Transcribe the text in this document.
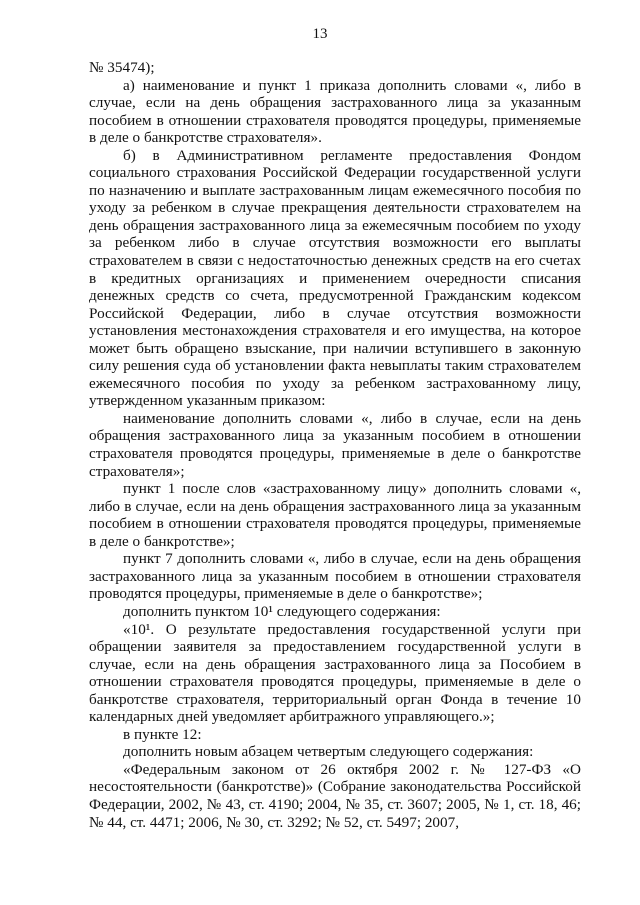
13

№ 35474);

а) наименование и пункт 1 приказа дополнить словами «, либо в случае, если на день обращения застрахованного лица за указанным пособием в отношении страхователя проводятся процедуры, применяемые в деле о банкротстве страхователя».

б) в Административном регламенте предоставления Фондом социального страхования Российской Федерации государственной услуги по назначению и выплате застрахованным лицам ежемесячного пособия по уходу за ребенком в случае прекращения деятельности страхователем на день обращения застрахованного лица за ежемесячным пособием по уходу за ребенком либо в случае отсутствия возможности его выплаты страхователем в связи с недостаточностью денежных средств на его счетах в кредитных организациях и применением очередности списания денежных средств со счета, предусмотренной Гражданским кодексом Российской Федерации, либо в случае отсутствия возможности установления местонахождения страхователя и его имущества, на которое может быть обращено взыскание, при наличии вступившего в законную силу решения суда об установлении факта невыплаты таким страхователем ежемесячного пособия по уходу за ребенком застрахованному лицу, утвержденном указанным приказом:

наименование дополнить словами «, либо в случае, если на день обращения застрахованного лица за указанным пособием в отношении страхователя проводятся процедуры, применяемые в деле о банкротстве страхователя»;

пункт 1 после слов «застрахованному лицу» дополнить словами «, либо в случае, если на день обращения застрахованного лица за указанным пособием в отношении страхователя проводятся процедуры, применяемые в деле о банкротстве»;

пункт 7 дополнить словами «, либо в случае, если на день обращения застрахованного лица за указанным пособием в отношении страхователя проводятся процедуры, применяемые в деле о банкротстве»;

дополнить пунктом 10¹ следующего содержания:

«10¹. О результате предоставления государственной услуги при обращении заявителя за предоставлением государственной услуги в случае, если на день обращения застрахованного лица за Пособием в отношении страхователя проводятся процедуры, применяемые в деле о банкротстве страхователя, территориальный орган Фонда в течение 10 календарных дней уведомляет арбитражного управляющего.»;

в пункте 12:

дополнить новым абзацем четвертым следующего содержания:

«Федеральным законом от 26 октября 2002 г. № 127-ФЗ «О несостоятельности (банкротстве)» (Собрание законодательства Российской Федерации, 2002, № 43, ст. 4190; 2004, № 35, ст. 3607; 2005, № 1, ст. 18, 46; № 44, ст. 4471; 2006, № 30, ст. 3292; № 52, ст. 5497; 2007,
